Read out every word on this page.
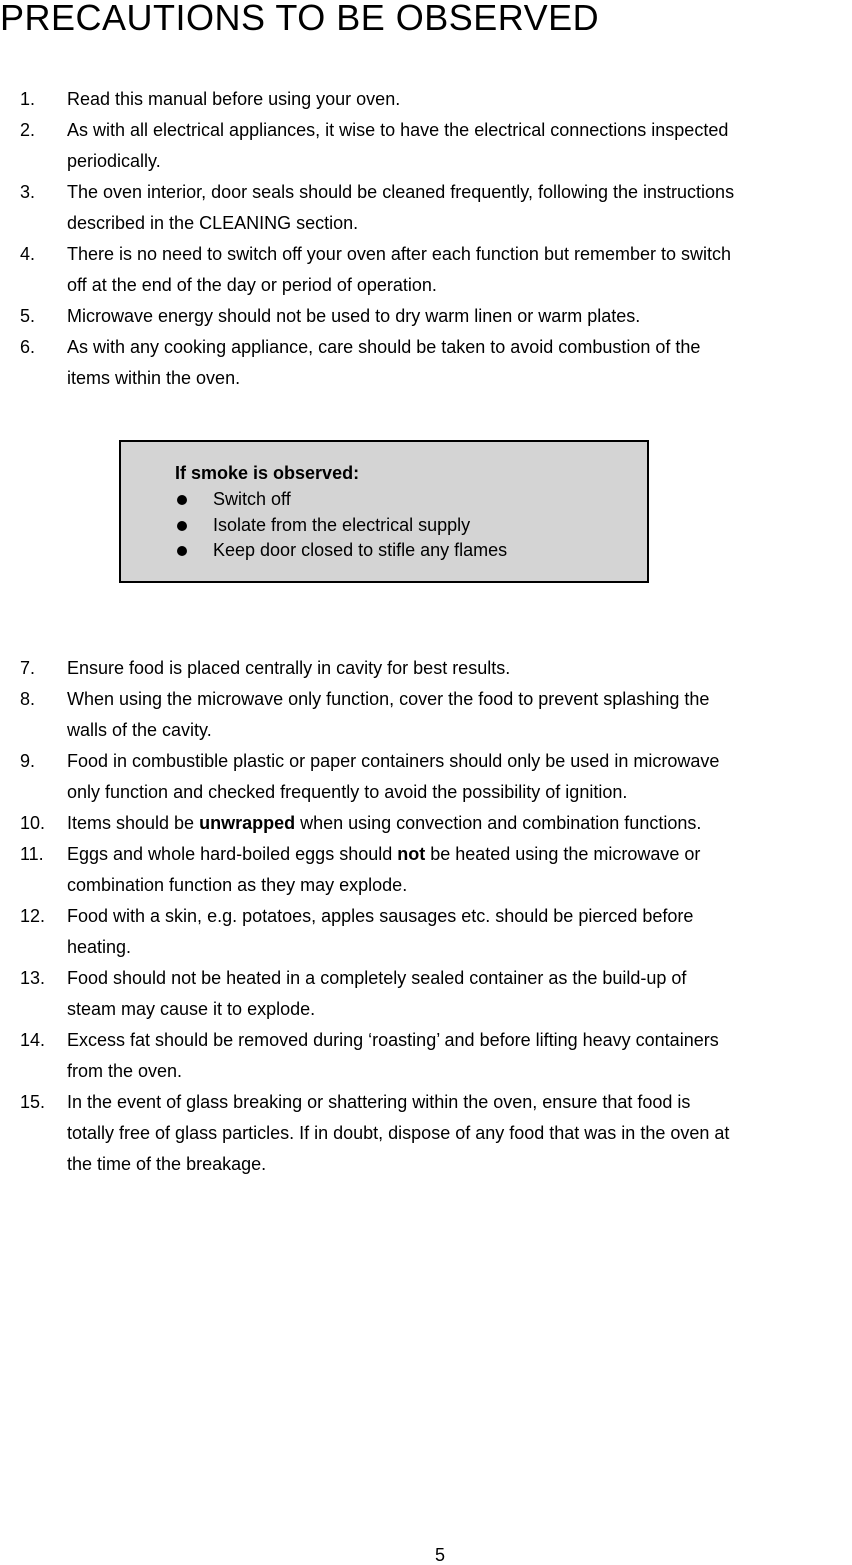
PRECAUTIONS TO BE OBSERVED
1. Read this manual before using your oven.
2. As with all electrical appliances, it wise to have the electrical connections inspected
periodically.
3. The oven interior, door seals should be cleaned frequently, following the instructions
described in the CLEANING section.
4. There is no need to switch off your oven after each function but remember to switch
off at the end of the day or period of operation.
5. Microwave energy should not be used to dry warm linen or warm plates.
6. As with any cooking appliance, care should be taken to avoid combustion of the
items within the oven.
If smoke is observed:
Switch off
Isolate from the electrical supply
Keep door closed to stifle any flames
7. Ensure food is placed centrally in cavity for best results.
8. When using the microwave only function, cover the food to prevent splashing the
walls of the cavity.
9. Food in combustible plastic or paper containers should only be used in microwave
only function and checked frequently to avoid the possibility of ignition.
10. Items should be unwrapped when using convection and combination functions.
11. Eggs and whole hard-boiled eggs should not be heated using the microwave or
combination function as they may explode.
12. Food with a skin, e.g. potatoes, apples sausages etc. should be pierced before
heating.
13. Food should not be heated in a completely sealed container as the build-up of
steam may cause it to explode.
14. Excess fat should be removed during ‘roasting’ and before lifting heavy containers
from the oven.
15. In the event of glass breaking or shattering within the oven, ensure that food is
totally free of glass particles. If in doubt, dispose of any food that was in the oven at
the time of the breakage.
5
